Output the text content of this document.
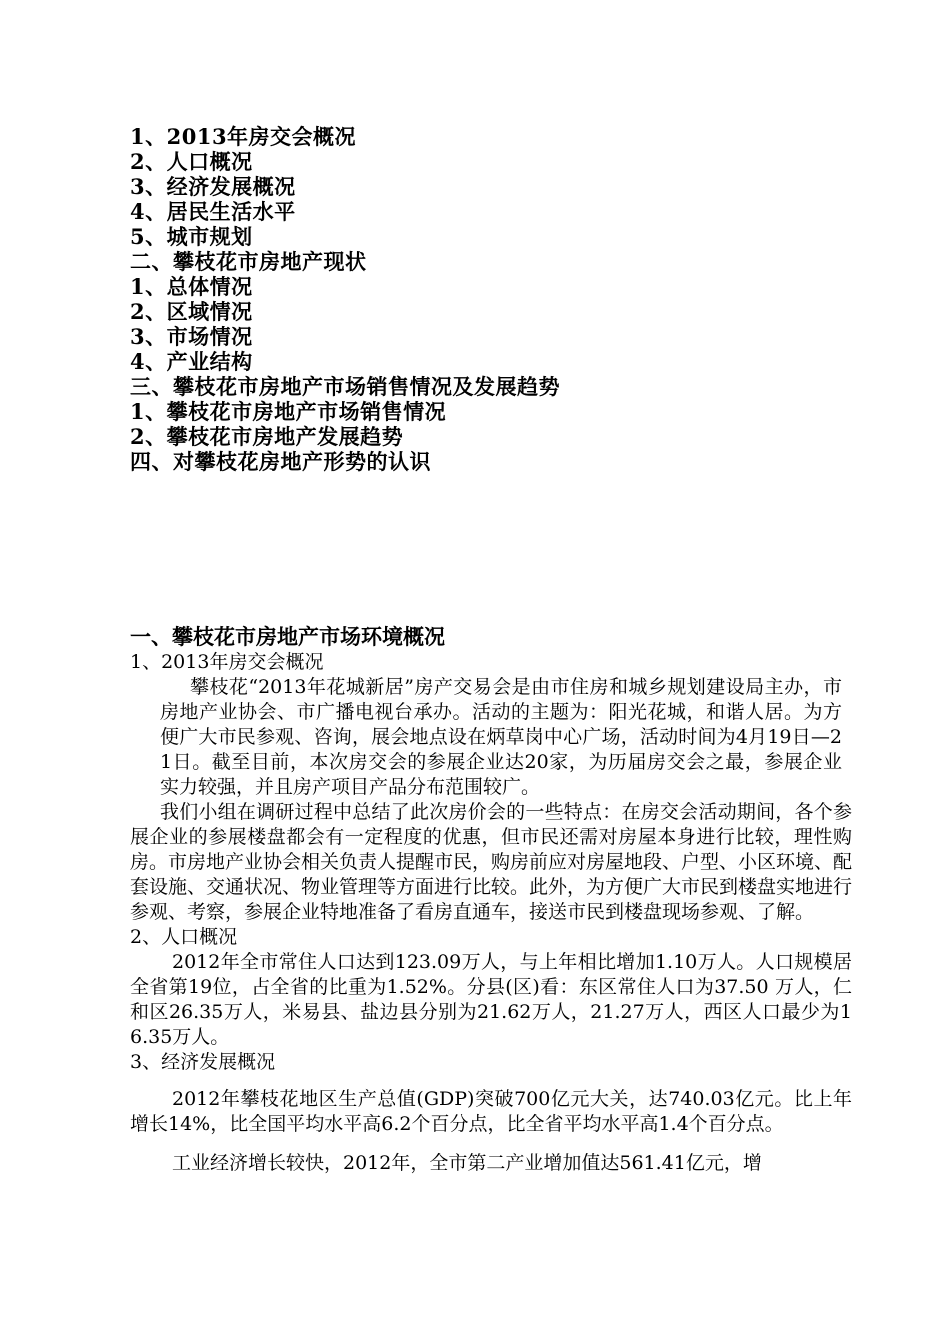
1、2013年房交会概况
2、人口概况
3、经济发展概况
4、居民生活水平
5、城市规划
二、攀枝花市房地产现状
1、总体情况
2、区域情况
3、市场情况
4、产业结构
三、攀枝花市房地产市场销售情况及发展趋势
1、攀枝花市房地产市场销售情况
2、攀枝花市房地产发展趋势
四、对攀枝花房地产形势的认识
一、攀枝花市房地产市场环境概况
1、2013年房交会概况

攀枝花“2013年花城新居”房产交易会是由市住房和城乡规划建设局主办，市房地产业协会、市广播电视台承办。活动的主题为：阳光花城，和谐人居。为方便广大市民参观、咨询，展会地点设在炳草岗中心广场，活动时间为4月19日—21日。截至目前，本次房交会的参展企业达20家，为历届房交会之最，参展企业实力较强，并且房产项目产品分布范围较广。

我们小组在调研过程中总结了此次房价会的一些特点：在房交会活动期间，各个参展企业的参展楼盘都会有一定程度的优惠，但市民还需对房屋本身进行比较，理性购房。市房地产业协会相关负责人提醒市民，购房前应对房屋地段、户型、小区环境、配套设施、交通状况、物业管理等方面进行比较。此外，为方便广大市民到楼盘实地进行参观、考察，参展企业特地准备了看房直通车，接送市民到楼盘现场参观、了解。

2、人口概况

2012年全市常住人口达到123.09万人，与上年相比增加1.10万人。人口规模居全省第19位，占全省的比重为1.52%。分县(区)看：东区常住人口为37.50 万人，仁和区26.35万人，米易县、盐边县分别为21.62万人，21.27万人，西区人口最少为16.35万人。

3、经济发展概况

2012年攀枝花地区生产总值(GDP)突破700亿元大关，达740.03亿元。比上年增长14%，比全国平均水平高6.2个百分点，比全省平均水平高1.4个百分点。

工业经济增长较快，2012年，全市第二产业增加值达561.41亿元，增
